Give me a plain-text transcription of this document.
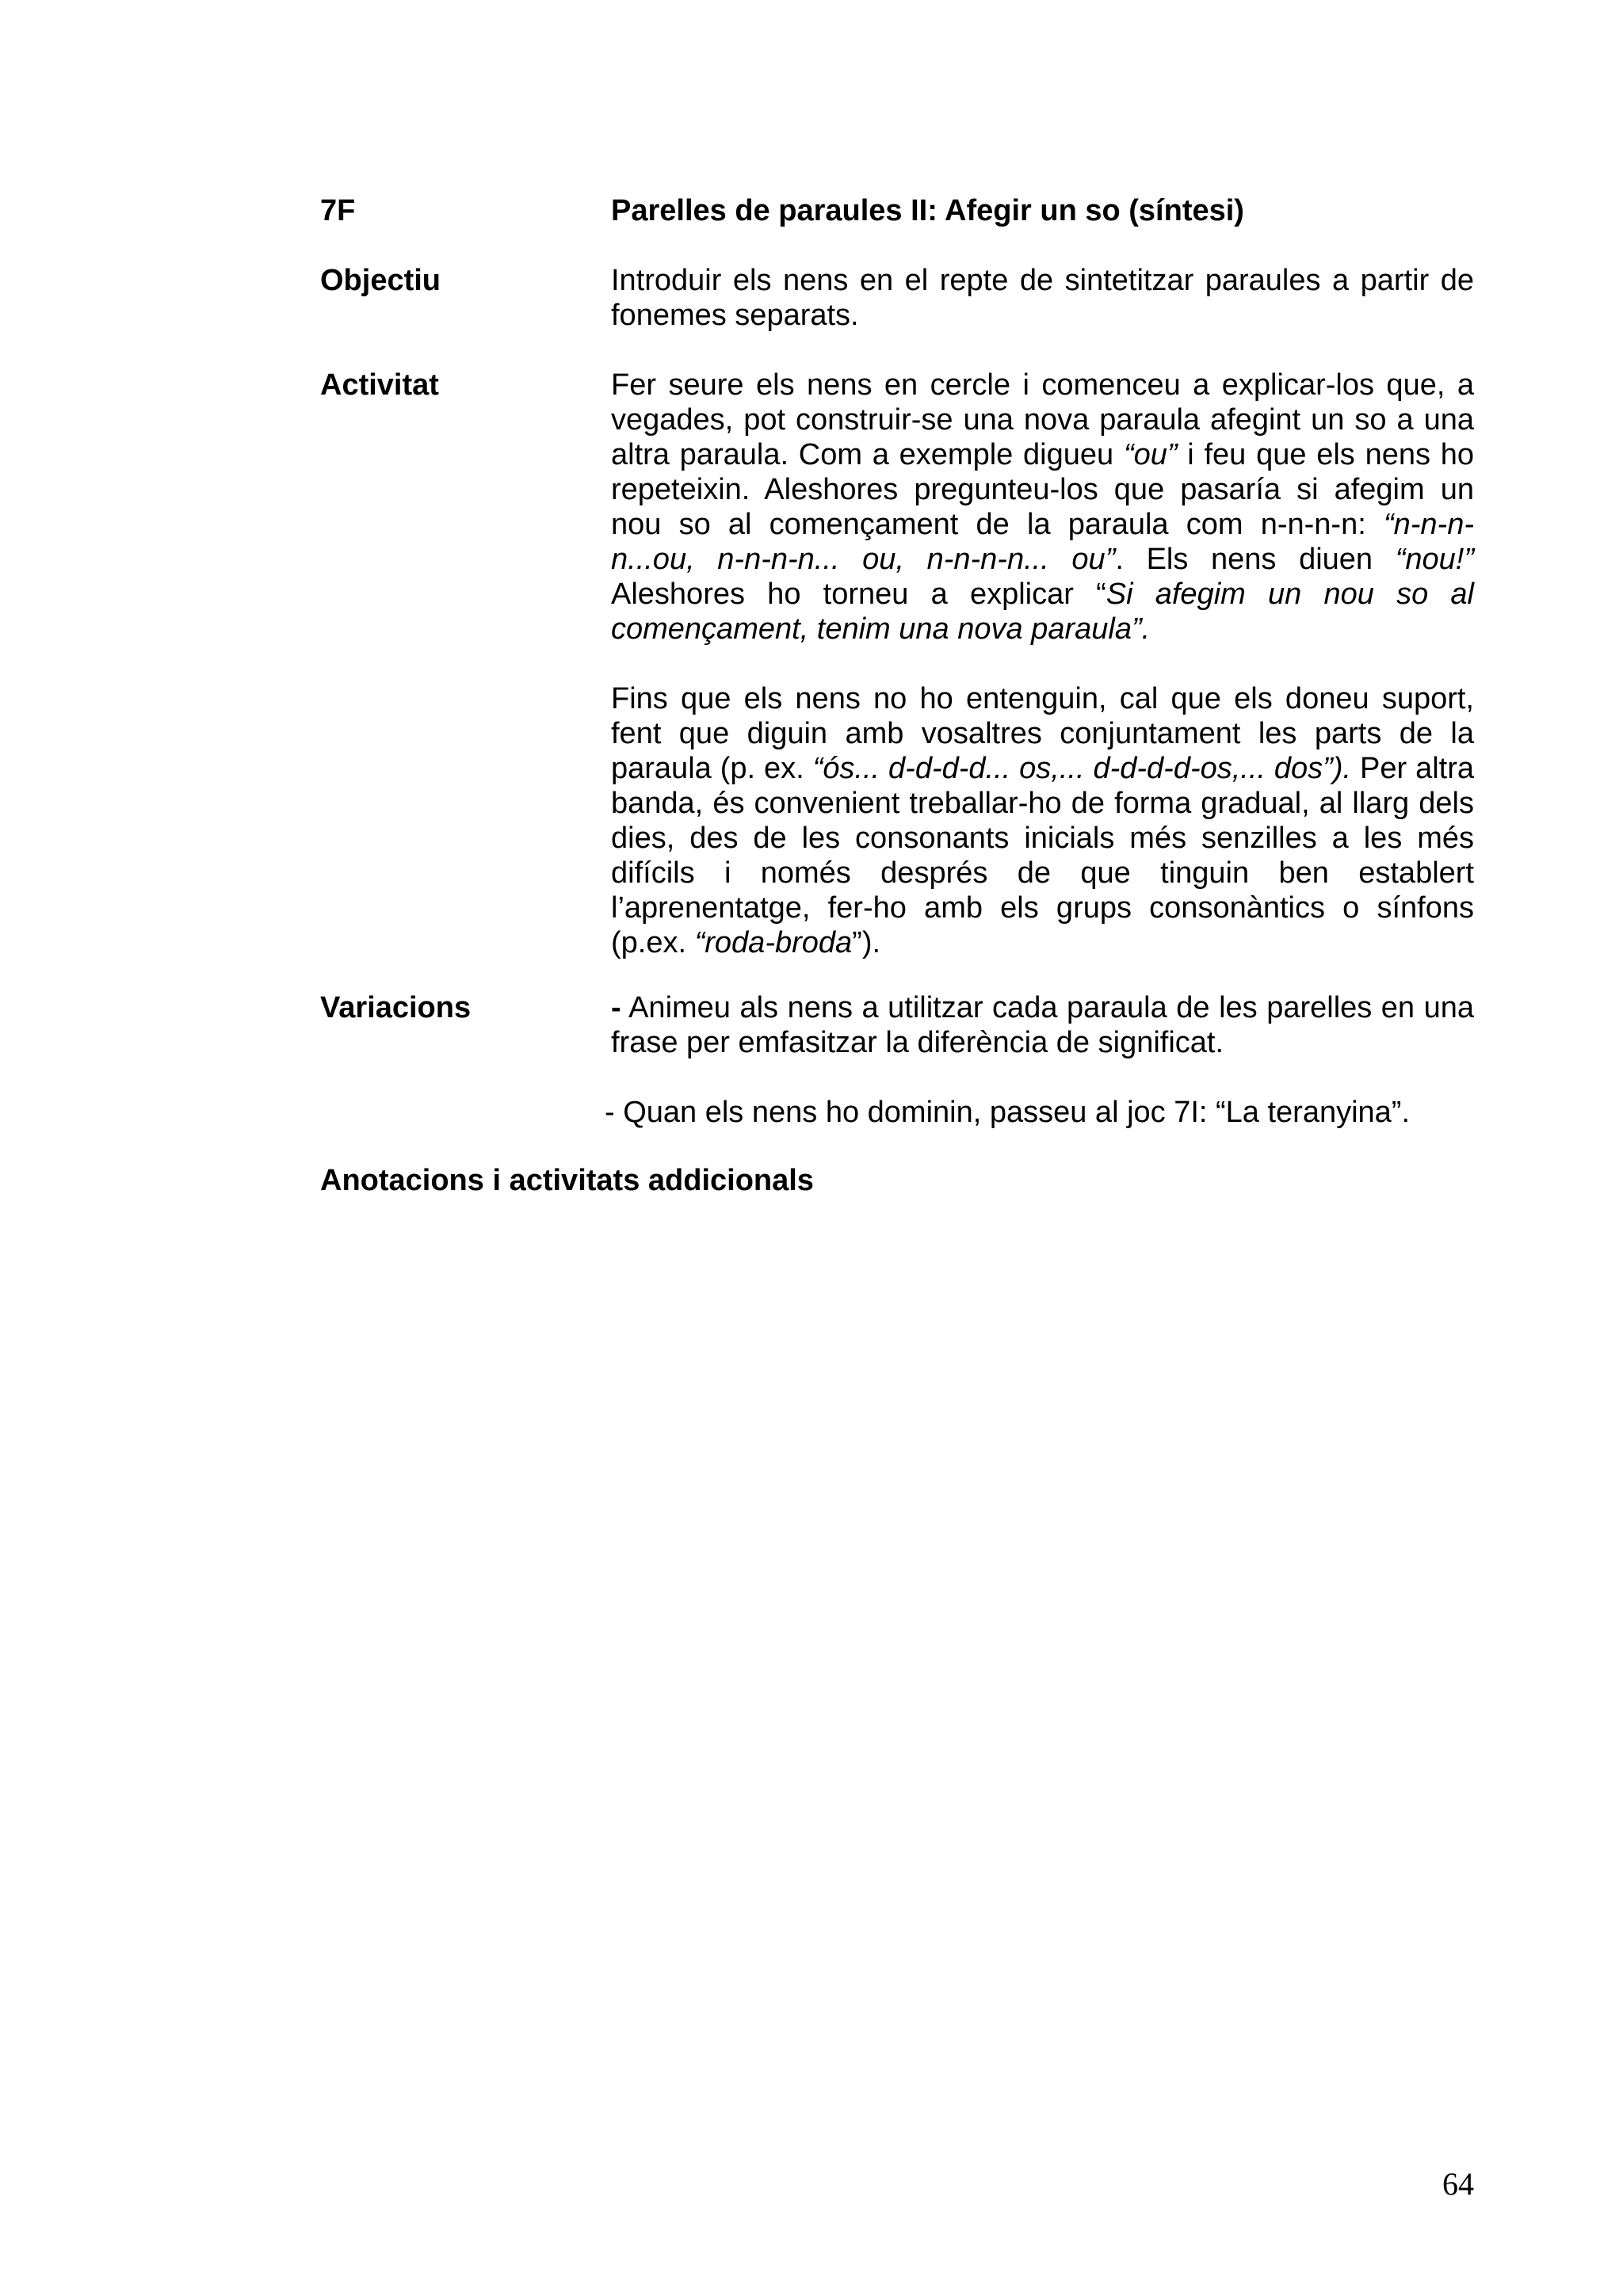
7F	Parelles de paraules II: Afegir un so (síntesi)
Objectiu	Introduir els nens en el repte de sintetitzar paraules a partir de fonemes separats.

Activitat	Fer seure els nens en cercle i comenceu a explicar-los que, a vegades, pot construir-se una nova paraula afegint un so a una altra paraula. Com a exemple digueu “ou” i feu que els nens ho repeteixin. Aleshores pregunteu-los que pasaría si afegim un nou so al començament de la paraula com n-n-n-n: “n-n-n-n...ou, n-n-n-n... ou, n-n-n-n... ou”. Els nens diuen “nou!” Aleshores ho torneu a explicar “Si afegim un nou so al començament, tenim una nova paraula”.

Fins que els nens no ho entenguin, cal que els doneu suport, fent que diguin amb vosaltres conjuntament les parts de la paraula (p. ex. “ós... d-d-d-d... os,... d-d-d-d-os,... dos”). Per altra banda, és convenient treballar-ho de forma gradual, al llarg dels dies, des de les consonants inicials més senzilles a les més difícils i només després de que tinguin ben establert l’aprenentatge, fer-ho amb els grups consonàntics o sínfons (p.ex. “roda-broda”).

Variacions	- Animeu als nens a utilitzar cada paraula de les parelles en una frase per emfasitzar la diferència de significat.

- Quan els nens ho dominin, passeu al joc 7I: “La teranyina”.

Anotacions i activitats addicionals
64
